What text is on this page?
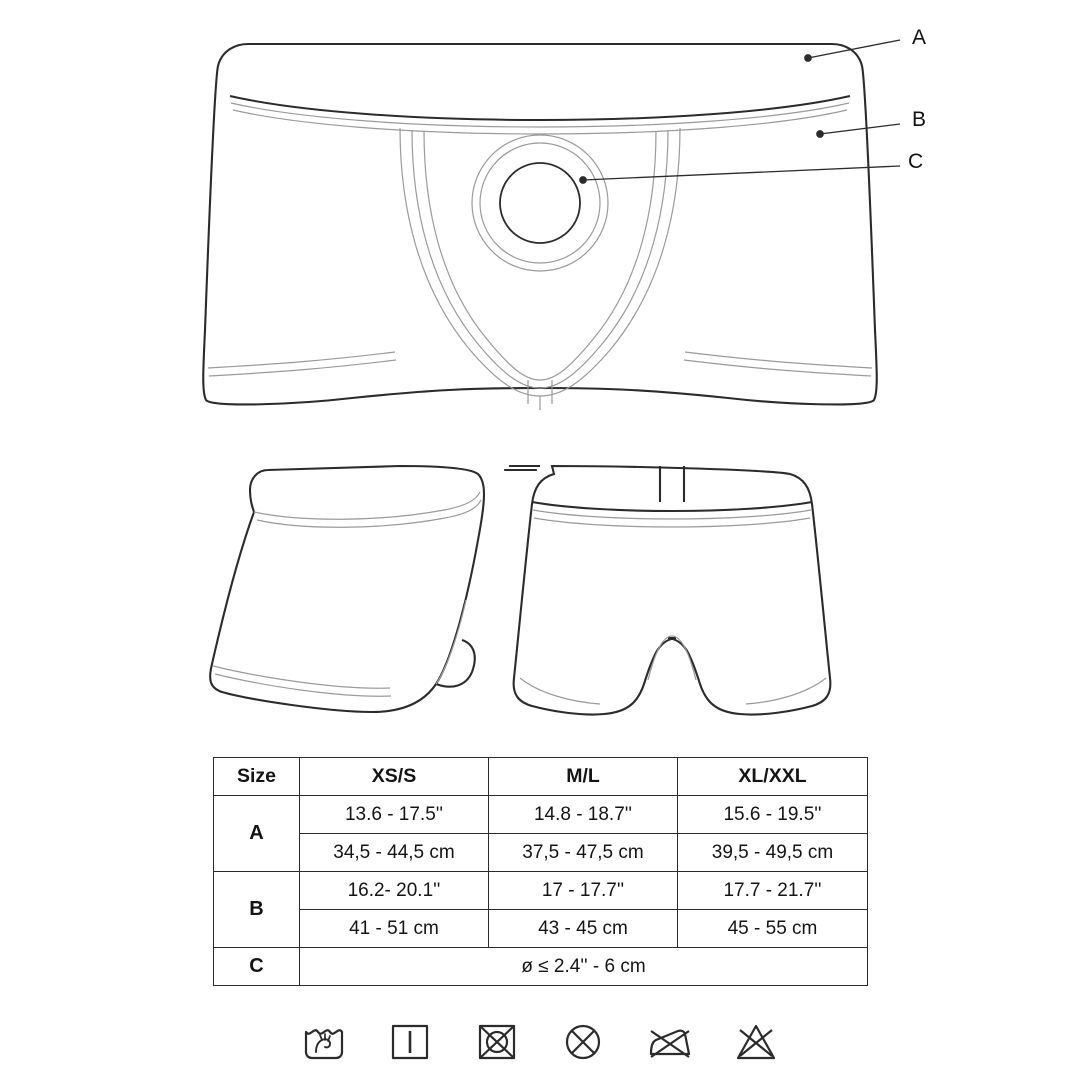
A
B
C
Size	XS/S	M/L	XL/XXL
A	13.6 - 17.5''	14.8 - 18.7''	15.6 - 19.5''
	34,5 - 44,5 cm	37,5 - 47,5 cm	39,5 - 49,5 cm
B	16.2- 20.1''	17 - 17.7''	17.7 - 21.7''
	41 - 51 cm	43 - 45 cm	45 - 55 cm
C	ø ≤ 2.4'' - 6 cm		
